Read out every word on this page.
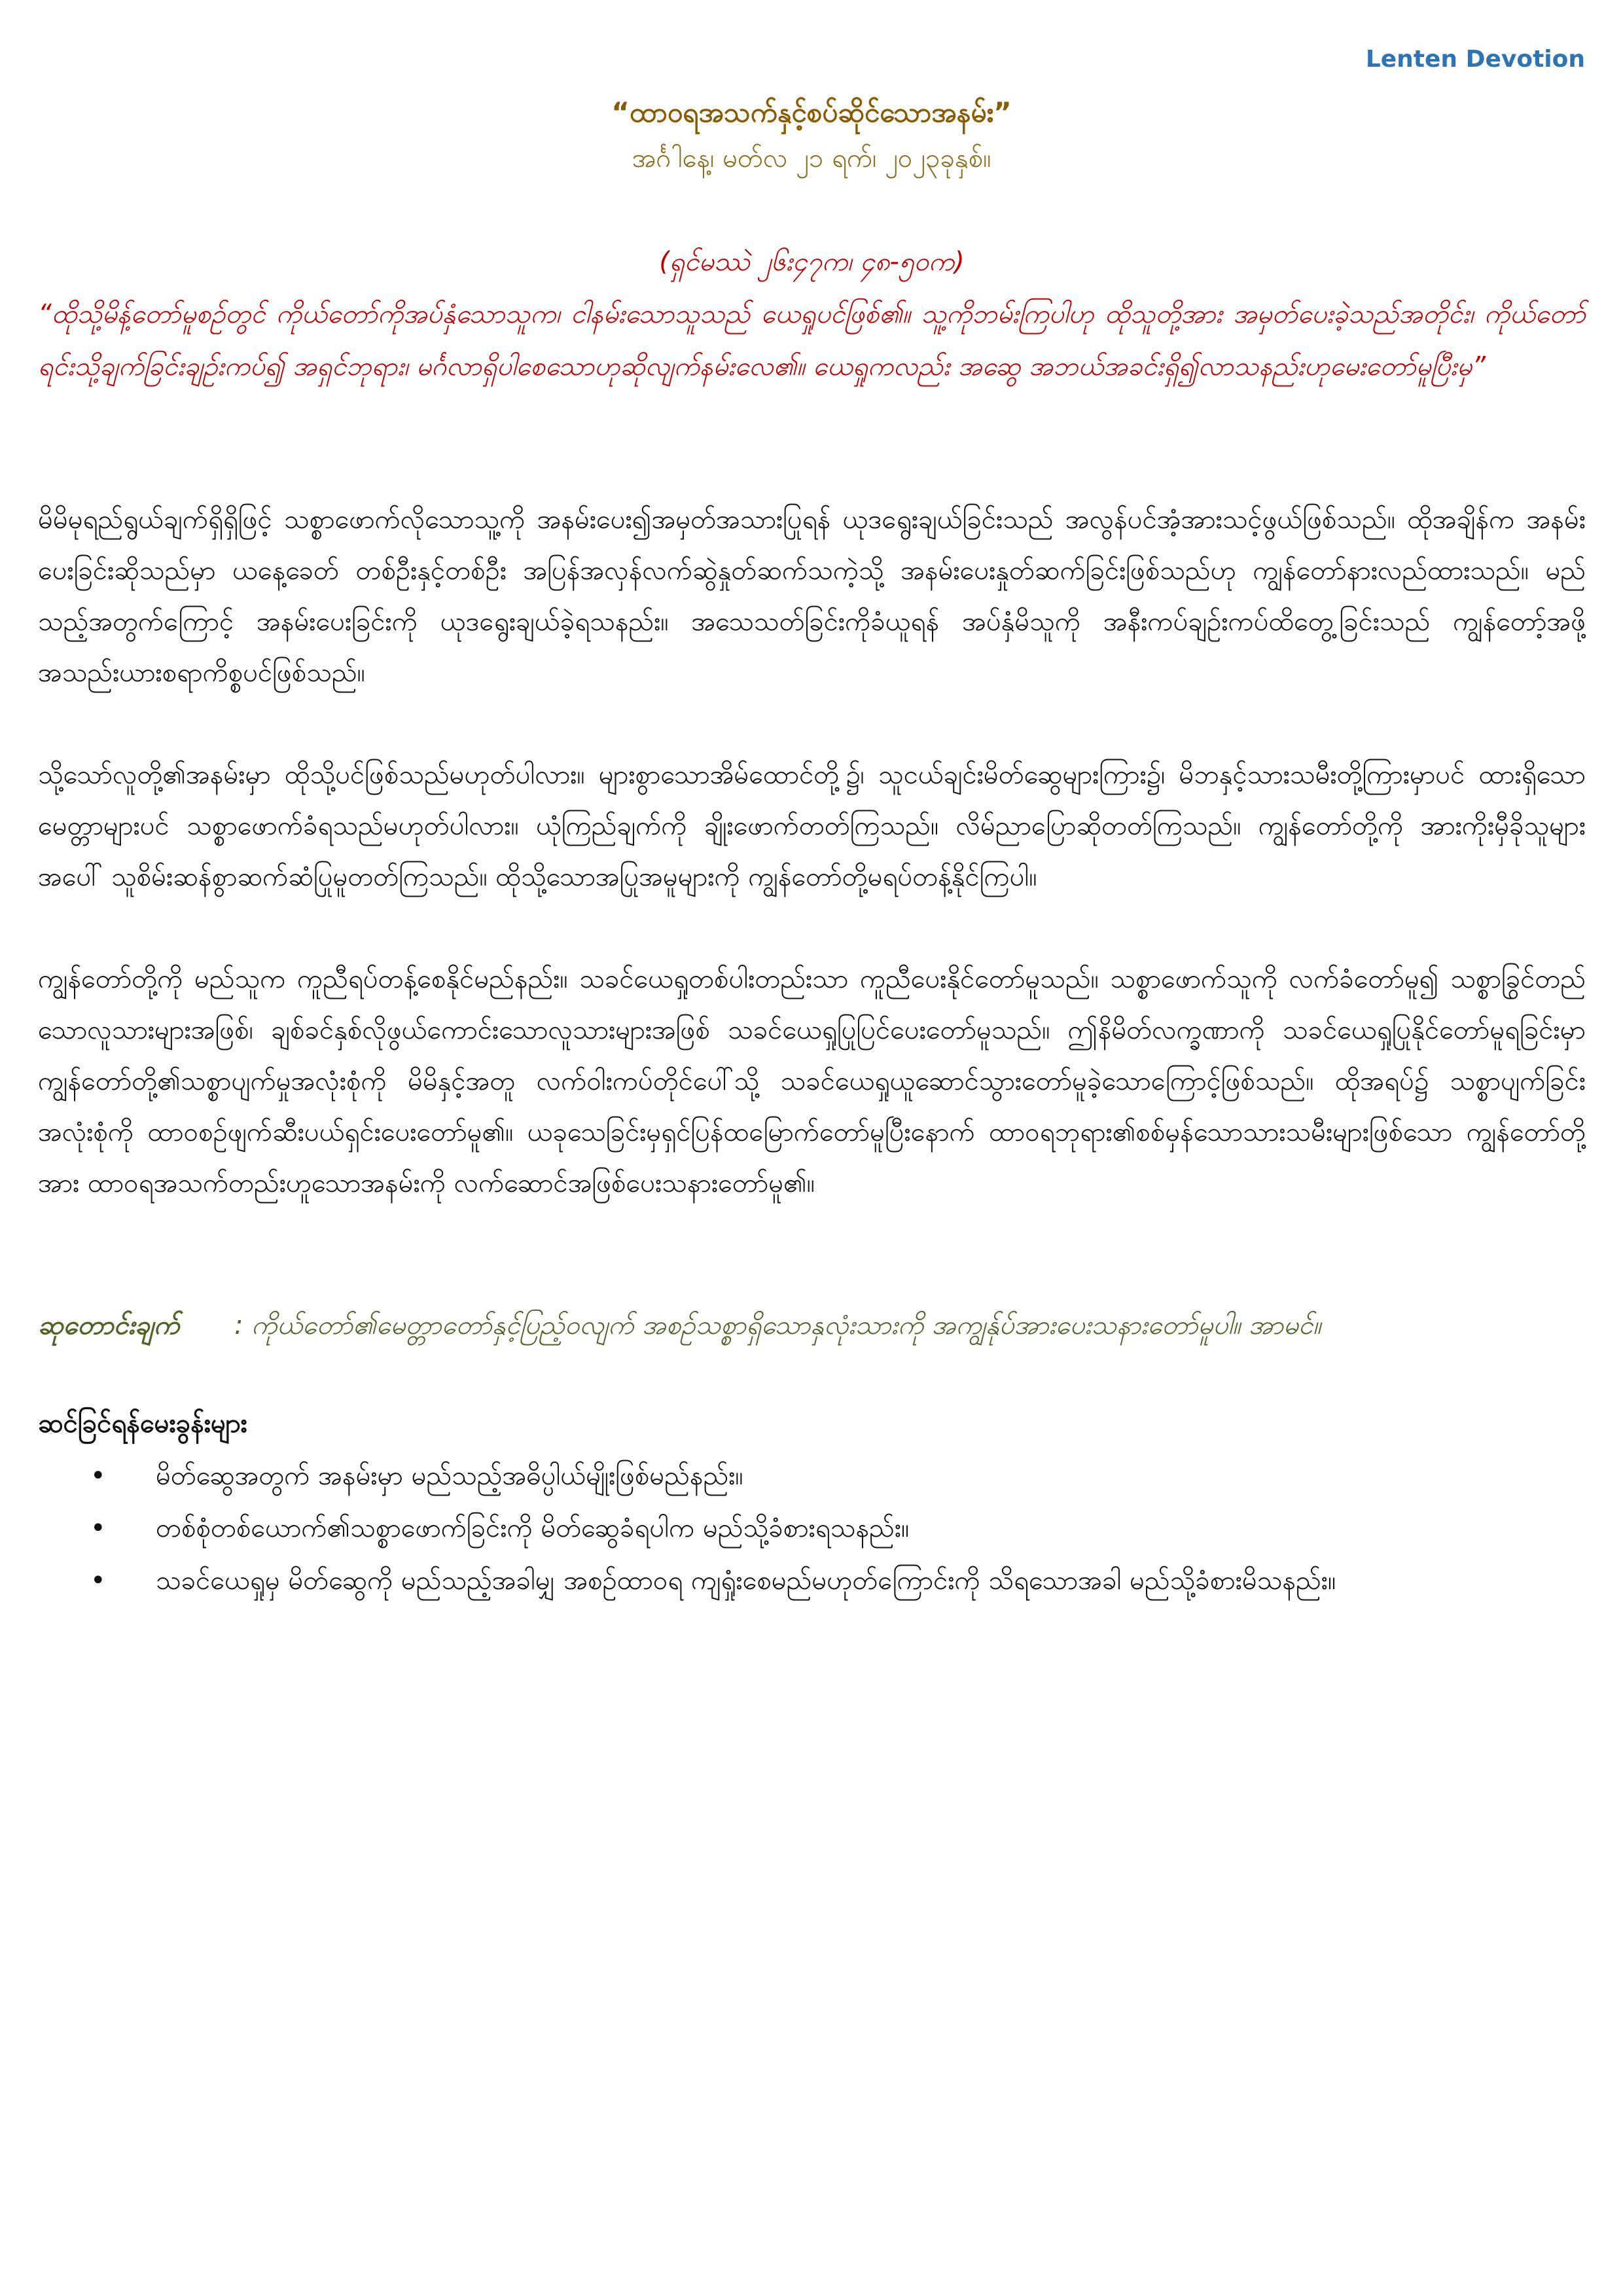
Lenten Devotion
“ထာဝရအသက်နှင့်စပ်ဆိုင်သောအနမ်း”
အင်္ဂါနေ့၊ မတ်လ ၂၁ ရက်၊ ၂၀၂၃ခုနှစ်။
(ရှင်မဿဲ ၂၆း၄၇က၊ ၄၈-၅၀က)
“ထိုသို့မိန့်တော်မူစဉ်တွင် ကိုယ်တော်ကိုအပ်နှံသောသူက၊ ငါနမ်းသောသူသည် ယေရှုပင်ဖြစ်၏။ သူ့ကိုဘမ်းကြပါဟု ထိုသူတို့အား အမှတ်ပေးခဲ့သည်အတိုင်း၊ ကိုယ်တော်ရင်းသို့ချက်ခြင်းချဉ်းကပ်၍ အရှင်ဘုရား၊ မင်္ဂလာရှိပါစေသောဟုဆိုလျက်နမ်းလေ၏။ ယေရှုကလည်း အဆွေ အဘယ်အခင်းရှိ၍လာသနည်းဟုမေးတော်မူပြီးမှ”

မိမိမုရည်ရွယ်ချက်ရှိရှိဖြင့် သစ္စာဖောက်လိုသောသူ့ကို အနမ်းပေး၍အမှတ်အသားပြုရန် ယုဒရွေးချယ်ခြင်းသည် အလွန်ပင်အံ့အားသင့်ဖွယ်ဖြစ်သည်။ ထိုအချိန်က အနမ်းပေးခြင်းဆိုသည်မှာ ယနေ့ခေတ် တစ်ဦးနှင့်တစ်ဦး အပြန်အလှန်လက်ဆွဲနှုတ်ဆက်သကဲ့သို့ အနမ်းပေးနှုတ်ဆက်ခြင်းဖြစ်သည်ဟု ကျွန်တော်နားလည်ထားသည်။ မည်သည့်အတွက်ကြောင့် အနမ်းပေးခြင်းကို ယုဒရွေးချယ်ခဲ့ရသနည်း။ အသေသတ်ခြင်းကိုခံယူရန် အပ်နှံမိသူကို အနီးကပ်ချဉ်းကပ်ထိတွေ့ခြင်းသည် ကျွန်တော့်အဖို့ အသည်းယားစရာကိစ္စပင်ဖြစ်သည်။

သို့သော်လူတို့၏အနမ်းမှာ ထိုသို့ပင်ဖြစ်သည်မဟုတ်ပါလား။ များစွာသောအိမ်ထောင်တို့၌၊ သူငယ်ချင်းမိတ်ဆွေများကြား၌၊ မိဘနှင့်သားသမီးတို့ကြားမှာပင် ထားရှိသောမေတ္တာများပင် သစ္စာဖောက်ခံရသည်မဟုတ်ပါလား။ ယုံကြည်ချက်ကို ချိုးဖောက်တတ်ကြသည်။ လိမ်ညာပြောဆိုတတ်ကြသည်။ ကျွန်တော်တို့ကို အားကိုးမှီခိုသူများအပေါ် သူစိမ်းဆန်စွာဆက်ဆံပြုမူတတ်ကြသည်။ ထိုသို့သောအပြုအမူများကို ကျွန်တော်တို့မရပ်တန့်နိုင်ကြပါ။

ကျွန်တော်တို့ကို မည်သူက ကူညီရပ်တန့်စေနိုင်မည်နည်း။ သခင်ယေရှုတစ်ပါးတည်းသာ ကူညီပေးနိုင်တော်မူသည်။ သစ္စာဖောက်သူကို လက်ခံတော်မူ၍ သစ္စာခြွင်တည်သောလူသားများအဖြစ်၊ ချစ်ခင်နှစ်လိုဖွယ်ကောင်းသောလူသားများအဖြစ် သခင်ယေရှုပြုပြင်ပေးတော်မူသည်။ ဤနိမိတ်လက္ခဏာကို သခင်ယေရှုပြုနိုင်တော်မူရခြင်းမှာ ကျွန်တော်တို့၏သစ္စာပျက်မှုအလုံးစုံကို မိမိနှင့်အတူ လက်ဝါးကပ်တိုင်ပေါ်သို့ သခင်ယေရှုယူဆောင်သွားတော်မူခဲ့သောကြောင့်ဖြစ်သည်။ ထိုအရပ်၌ သစ္စာပျက်ခြင်းအလုံးစုံကို ထာဝစဉ်ဖျက်ဆီးပယ်ရှင်းပေးတော်မူ၏။ ယခုသေခြင်းမှရှင်ပြန်ထမြောက်တော်မူပြီးနောက် ထာဝရဘုရား၏စစ်မှန်သောသားသမီးများဖြစ်သော ကျွန်တော်တို့အား ထာဝရအသက်တည်းဟူသောအနမ်းကို လက်ဆောင်အဖြစ်ပေးသနားတော်မူ၏။

ဆုတောင်းချက် : ကိုယ်တော်၏မေတ္တာတော်နှင့်ပြည့်ဝလျက် အစဉ်သစ္စာရှိသောနှလုံးသားကို အကျွန်ုပ်အားပေးသနားတော်မူပါ။ အာမင်။
ဆင်ခြင်ရန်မေးခွန်းများ
• မိတ်ဆွေအတွက် အနမ်းမှာ မည်သည့်အဓိပ္ပါယ်မျိုးဖြစ်မည်နည်း။
• တစ်စုံတစ်ယောက်၏သစ္စာဖောက်ခြင်းကို မိတ်ဆွေခံရပါက မည်သို့ခံစားရသနည်း။
• သခင်ယေရှုမှ မိတ်ဆွေကို မည်သည့်အခါမျှ အစဉ်ထာဝရ ကျရှုံးစေမည်မဟုတ်ကြောင်းကို သိရသောအခါ မည်သို့ခံစားမိသနည်း။
